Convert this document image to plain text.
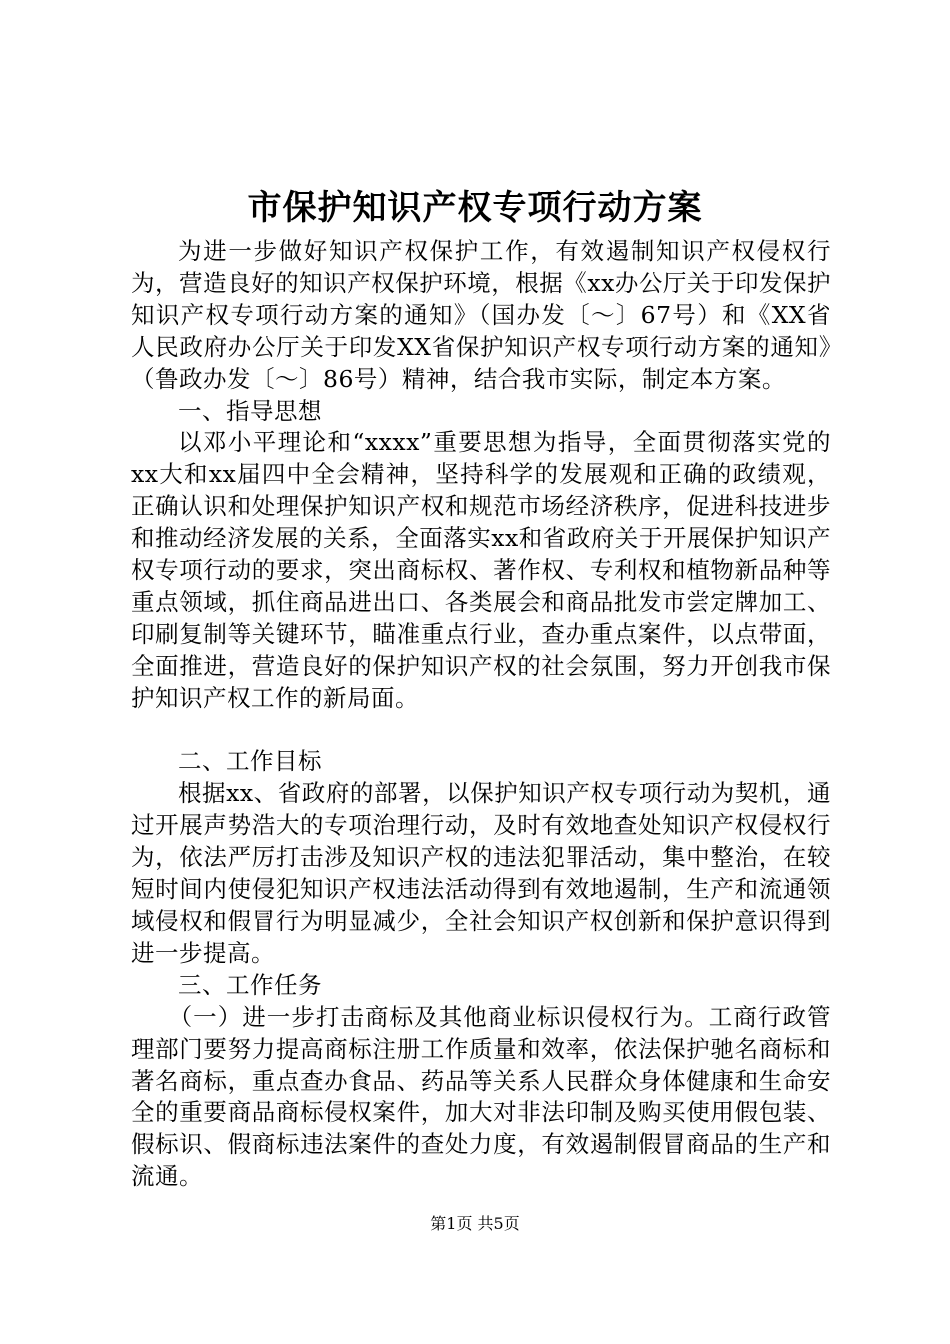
市保护知识产权专项行动方案

为进一步做好知识产权保护工作，有效遏制知识产权侵权行为，营造良好的知识产权保护环境，根据《xx办公厅关于印发保护知识产权专项行动方案的通知》（国办发〔～〕67号）和《XX省人民政府办公厅关于印发XX省保护知识产权专项行动方案的通知》（鲁政办发〔～〕86号）精神，结合我市实际，制定本方案。

一、指导思想

以邓小平理论和“xxxx”重要思想为指导，全面贯彻落实党的xx大和xx届四中全会精神，坚持科学的发展观和正确的政绩观，正确认识和处理保护知识产权和规范市场经济秩序，促进科技进步和推动经济发展的关系，全面落实xx和省政府关于开展保护知识产权专项行动的要求，突出商标权、著作权、专利权和植物新品种等重点领域，抓住商品进出口、各类展会和商品批发市尝定牌加工、印刷复制等关键环节，瞄准重点行业，查办重点案件，以点带面，全面推进，营造良好的保护知识产权的社会氛围，努力开创我市保护知识产权工作的新局面。

二、工作目标

根据xx、省政府的部署，以保护知识产权专项行动为契机，通过开展声势浩大的专项治理行动，及时有效地查处知识产权侵权行为，依法严厉打击涉及知识产权的违法犯罪活动，集中整治，在较短时间内使侵犯知识产权违法活动得到有效地遏制，生产和流通领域侵权和假冒行为明显减少，全社会知识产权创新和保护意识得到进一步提高。

三、工作任务

（一）进一步打击商标及其他商业标识侵权行为。工商行政管理部门要努力提高商标注册工作质量和效率，依法保护驰名商标和著名商标，重点查办食品、药品等关系人民群众身体健康和生命安全的重要商品商标侵权案件，加大对非法印制及购买使用假包装、假标识、假商标违法案件的查处力度，有效遏制假冒商品的生产和流通。

第1页 共5页
